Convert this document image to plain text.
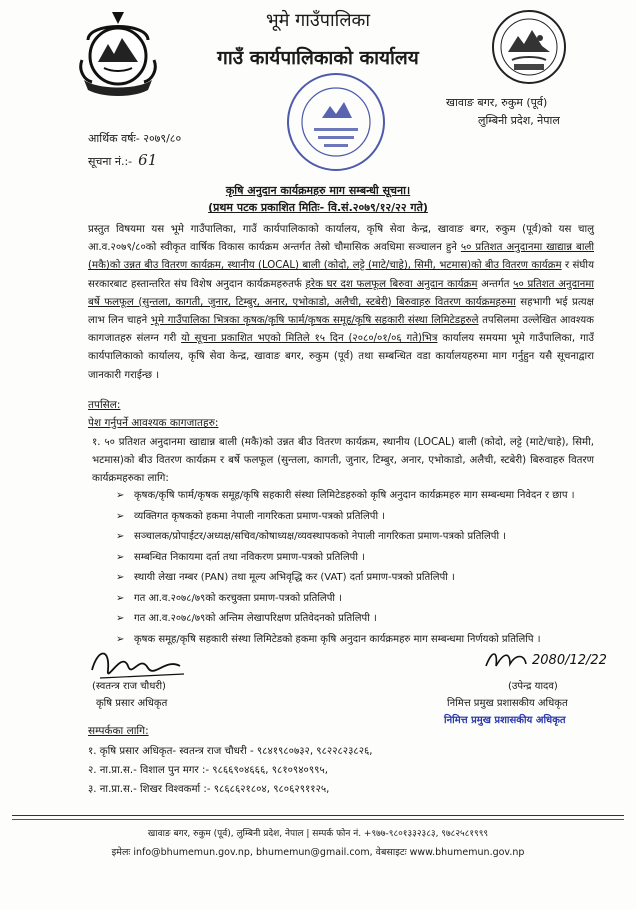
भूमे गाउँपालिका
गाउँ कार्यपालिकाको कार्यालय
खावाङ बगर, रुकुम (पूर्व)
लुम्बिनी प्रदेश, नेपाल
आर्थिक वर्षः- २०७९/८०
सूचना नं.:- 61
कृषि अनुदान कार्यक्रमहरु माग सम्बन्धी सूचना।
(प्रथम पटक प्रकाशित मितिः- वि.सं.२०७९/१२/२२ गते)
प्रस्तुत विषयमा यस भूमे गाउँपालिका, गाउँ कार्यपालिकाको कार्यालय, कृषि सेवा केन्द्र, खावाङ बगर, रुकुम (पूर्व)को यस चालु आ.व.२०७९/८०को स्वीकृत वार्षिक विकास कार्यक्रम अन्तर्गत तेस्रो चौमासिक अवधिमा सञ्चालन हुने ५० प्रतिशत अनुदानमा खाद्यान्न बाली (मकै)को उन्नत बीउ वितरण कार्यक्रम, स्थानीय (LOCAL) बाली (कोदो, लट्टे (माटे/चाहे), सिमी, भटमास)को बीउ वितरण कार्यक्रम र संघीय सरकारबाट हस्तान्तरित संघ विशेष अनुदान कार्यक्रमहरुतर्फ हरेक घर दश फलफूल बिरुवा अनुदान कार्यक्रम अन्तर्गत ५० प्रतिशत अनुदानमा बर्षे फलफूल (सुन्तला, कागती, जुनार, टिम्बुर, अनार, एभोकाडो, अलैची, स्टबेरी) बिरुवाहरु वितरण कार्यक्रमहरुमा सहभागी भई प्रत्यक्ष लाभ लिन चाहने भूमे गाउँपालिका भित्रका कृषक/कृषि फार्म/कृषक समूह/कृषि सहकारी संस्था लिमिटेडहरुले तपसिलमा उल्लेखित आवश्यक कागजातहरु संलग्न गरी यो सूचना प्रकाशित भएको मितिले १५ दिन (२०८०/०१/०६ गते)भित्र कार्यालय समयमा भूमे गाउँपालिका, गाउँ कार्यपालिकाको कार्यालय, कृषि सेवा केन्द्र, खावाङ बगर, रुकुम (पूर्व) तथा सम्बन्धित वडा कार्यालयहरुमा माग गर्नुहुन यसै सूचनाद्वारा जानकारी गराईन्छ ।
तपसिल:
पेश गर्नुपर्ने आवश्यक कागजातहरु:
१. ५० प्रतिशत अनुदानमा खाद्यान्न बाली (मकै)को उन्नत बीउ वितरण कार्यक्रम, स्थानीय (LOCAL) बाली (कोदो, लट्टे (माटे/चाहे), सिमी, भटमास)को बीउ वितरण कार्यक्रम र बर्षे फलफूल (सुन्तला, कागती, जुनार, टिम्बुर, अनार, एभोकाडो, अलैची, स्टबेरी) बिरुवाहरु वितरण कार्यक्रमहरुका लागि:
➢ कृषक/कृषि फार्म/कृषक समूह/कृषि सहकारी संस्था लिमिटेडहरुको कृषि अनुदान कार्यक्रमहरु माग सम्बन्धमा निवेदन र छाप ।
➢ व्यक्तिगत कृषकको हकमा नेपाली नागरिकता प्रमाण-पत्रको प्रतिलिपी ।
➢ सञ्चालक/प्रोपाईटर/अध्यक्ष/सचिव/कोषाध्यक्ष/व्यवस्थापकको नेपाली नागरिकता प्रमाण-पत्रको प्रतिलिपी ।
➢ सम्बन्धित निकायमा दर्ता तथा नविकरण प्रमाण-पत्रको प्रतिलिपी ।
➢ स्थायी लेखा नम्बर (PAN) तथा मूल्य अभिवृद्धि कर (VAT) दर्ता प्रमाण-पत्रको प्रतिलिपी ।
➢ गत आ.व.२०७८/७९को करचुक्ता प्रमाण-पत्रको प्रतिलिपी ।
➢ गत आ.व.२०७८/७९को अन्तिम लेखापरिक्षण प्रतिवेदनको प्रतिलिपी ।
➢ कृषक समूह/कृषि सहकारी संस्था लिमिटेडको हकमा कृषि अनुदान कार्यक्रमहरु माग सम्बन्धमा निर्णयको प्रतिलिपि ।
2080/12/22
(स्वतन्त्र राज चौधरी)
कृषि प्रसार अधिकृत
(उपेन्द्र यादव)
निमित्त प्रमुख प्रशासकीय अधिकृत
निमित्त प्रमुख प्रशासकीय अधिकृत
सम्पर्कका लागि:
१. कृषि प्रसार अधिकृत- स्वतन्त्र राज चौधरी - ९८४१९८०७३२, ९८२२८२३८२६,
२. ना.प्रा.स.- विशाल पुन मगर :- ९८६६९०४६६६, ९८१०९४०९९५,
३. ना.प्रा.स.- शिखर विश्वकर्मा :- ९८६८६२१८०४, ९८०६२९११२५,
खावाङ बगर, रुकुम (पूर्व), लुम्बिनी प्रदेश, नेपाल | सम्पर्क फोन नं. +९७७-९८०१३३२३८३, ९७८२५८१९९९
इमेलः info@bhumemun.gov.np, bhumemun@gmail.com, वेबसाइटः www.bhumemun.gov.np
